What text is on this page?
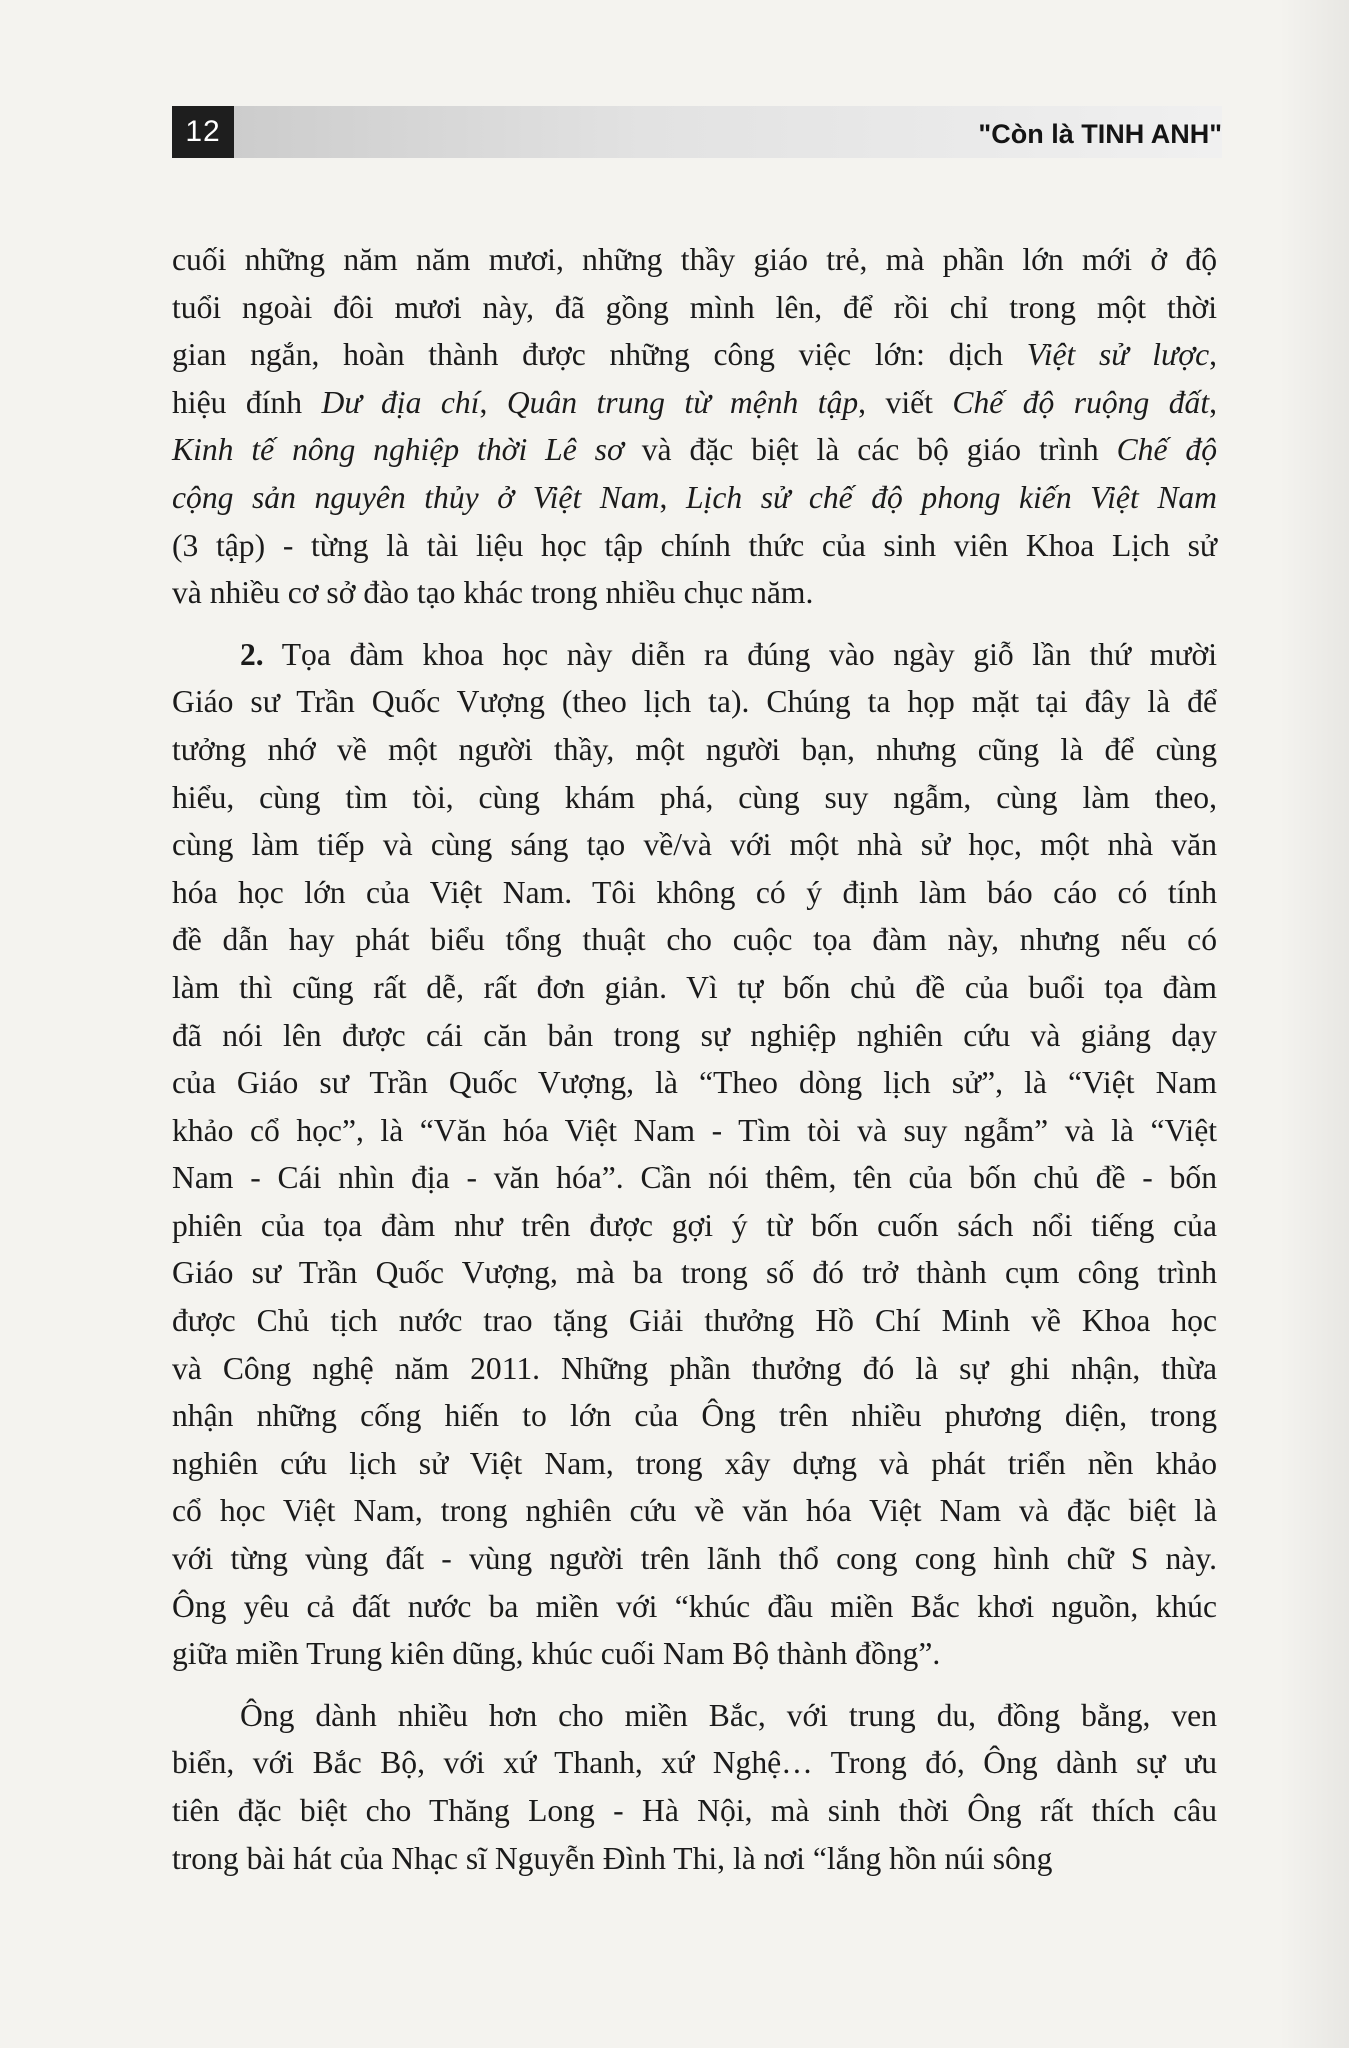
12	"Còn là TINH ANH"
cuối những năm năm mươi, những thầy giáo trẻ, mà phần lớn mới ở độ
tuổi ngoài đôi mươi này, đã gồng mình lên, để rồi chỉ trong một thời
gian ngắn, hoàn thành được những công việc lớn: dịch Việt sử lược,
hiệu đính Dư địa chí, Quân trung từ mệnh tập, viết Chế độ ruộng đất,
Kinh tế nông nghiệp thời Lê sơ và đặc biệt là các bộ giáo trình Chế độ
cộng sản nguyên thủy ở Việt Nam, Lịch sử chế độ phong kiến Việt Nam
(3 tập) - từng là tài liệu học tập chính thức của sinh viên Khoa Lịch sử
và nhiều cơ sở đào tạo khác trong nhiều chục năm.
2. Tọa đàm khoa học này diễn ra đúng vào ngày giỗ lần thứ mười
Giáo sư Trần Quốc Vượng (theo lịch ta). Chúng ta họp mặt tại đây là để
tưởng nhớ về một người thầy, một người bạn, nhưng cũng là để cùng
hiểu, cùng tìm tòi, cùng khám phá, cùng suy ngẫm, cùng làm theo,
cùng làm tiếp và cùng sáng tạo về/và với một nhà sử học, một nhà văn
hóa học lớn của Việt Nam. Tôi không có ý định làm báo cáo có tính
đề dẫn hay phát biểu tổng thuật cho cuộc tọa đàm này, nhưng nếu có
làm thì cũng rất dễ, rất đơn giản. Vì tự bốn chủ đề của buổi tọa đàm
đã nói lên được cái căn bản trong sự nghiệp nghiên cứu và giảng dạy
của Giáo sư Trần Quốc Vượng, là “Theo dòng lịch sử”, là “Việt Nam
khảo cổ học”, là “Văn hóa Việt Nam - Tìm tòi và suy ngẫm” và là “Việt
Nam - Cái nhìn địa - văn hóa”. Cần nói thêm, tên của bốn chủ đề - bốn
phiên của tọa đàm như trên được gợi ý từ bốn cuốn sách nổi tiếng của
Giáo sư Trần Quốc Vượng, mà ba trong số đó trở thành cụm công trình
được Chủ tịch nước trao tặng Giải thưởng Hồ Chí Minh về Khoa học
và Công nghệ năm 2011. Những phần thưởng đó là sự ghi nhận, thừa
nhận những cống hiến to lớn của Ông trên nhiều phương diện, trong
nghiên cứu lịch sử Việt Nam, trong xây dựng và phát triển nền khảo
cổ học Việt Nam, trong nghiên cứu về văn hóa Việt Nam và đặc biệt là
với từng vùng đất - vùng người trên lãnh thổ cong cong hình chữ S này.
Ông yêu cả đất nước ba miền với “khúc đầu miền Bắc khơi nguồn, khúc
giữa miền Trung kiên dũng, khúc cuối Nam Bộ thành đồng”.
Ông dành nhiều hơn cho miền Bắc, với trung du, đồng bằng, ven
biển, với Bắc Bộ, với xứ Thanh, xứ Nghệ… Trong đó, Ông dành sự ưu
tiên đặc biệt cho Thăng Long - Hà Nội, mà sinh thời Ông rất thích câu
trong bài hát của Nhạc sĩ Nguyễn Đình Thi, là nơi “lắng hồn núi sông
